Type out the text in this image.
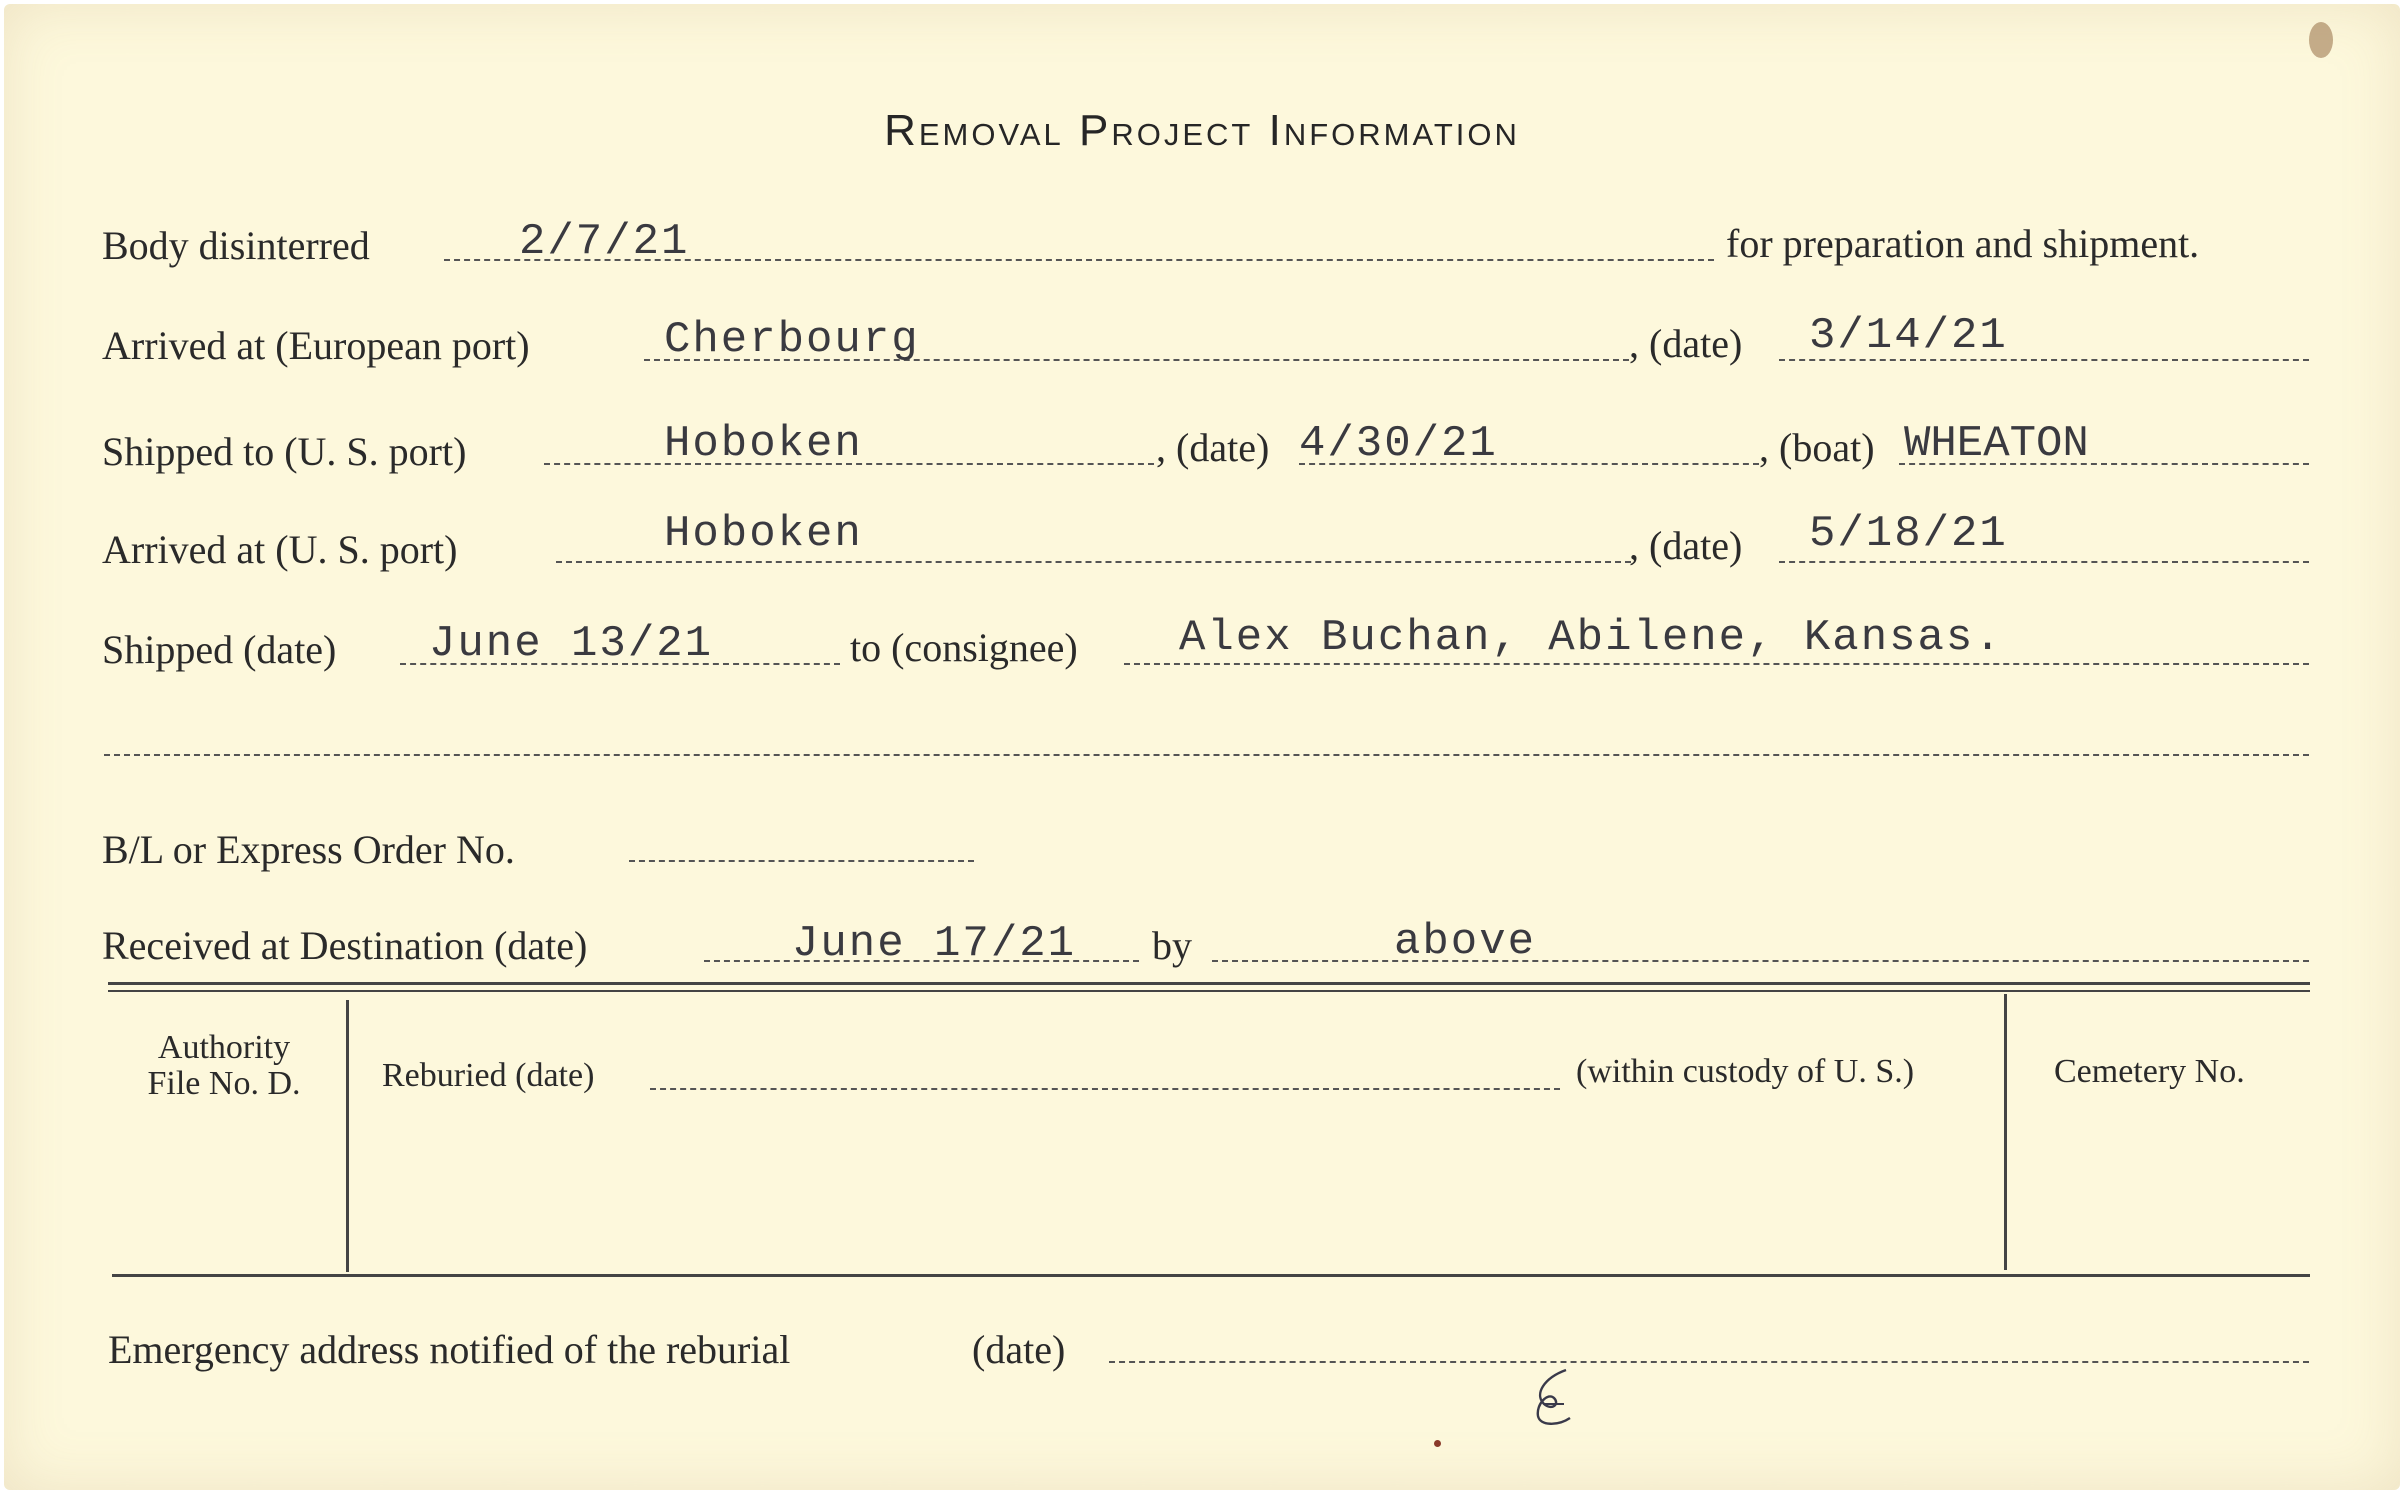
Removal Project Information
Body disinterred	2/7/21	for preparation and shipment.
Arrived at (European port)	Cherbourg	, (date) 3/14/21
Shipped to (U. S. port)	Hoboken	, (date) 4/30/21	, (boat) WHEATON
Arrived at (U. S. port)	Hoboken	, (date) 5/18/21
Shipped (date) June 13/21	to (consignee) Alex Buchan, Abilene, Kansas.
B/L or Express Order No.
Received at Destination (date)	June 17/21 by	above
Authority
File No. D.	Reburied (date)	(within custody of U. S.)	Cemetery No.
Emergency address notified of the reburial	(date)
